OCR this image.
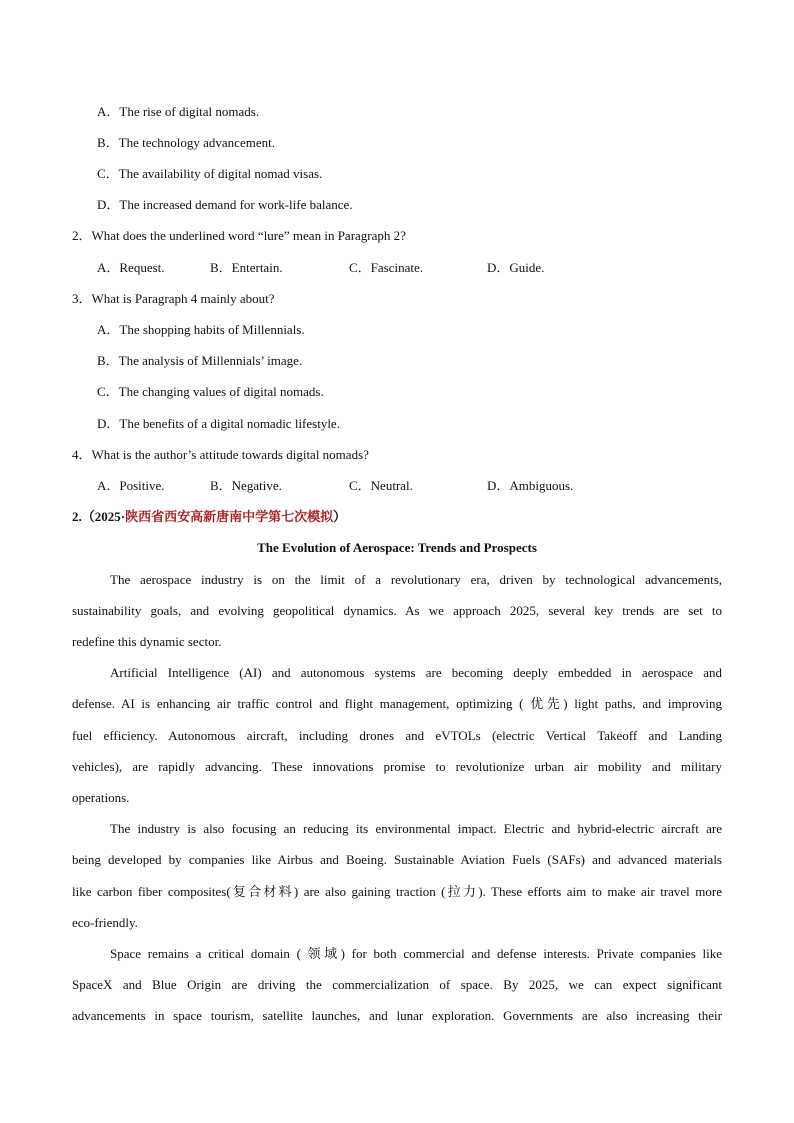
A．The rise of digital nomads.
B．The technology advancement.
C．The availability of digital nomad visas.
D．The increased demand for work-life balance.
2．What does the underlined word “lure” mean in Paragraph 2?
A．Request.	B．Entertain.	C．Fascinate.	D．Guide.
3．What is Paragraph 4 mainly about?
A．The shopping habits of Millennials.
B．The analysis of Millennials’ image.
C．The changing values of digital nomads.
D．The benefits of a digital nomadic lifestyle.
4．What is the author’s attitude towards digital nomads?
A．Positive.	B．Negative.	C．Neutral.	D．Ambiguous.
2.（2025·陕西省西安高新唐南中学第七次模拟）
The Evolution of Aerospace: Trends and Prospects
The aerospace industry is on the limit of a revolutionary era, driven by technological advancements,
sustainability goals, and evolving geopolitical dynamics. As we approach 2025, several key trends are set to
redefine this dynamic sector.
Artificial Intelligence (AI) and autonomous systems are becoming deeply embedded in aerospace and
defense. AI is enhancing air traffic control and flight management, optimizing ( 优先) light paths, and improving
fuel efficiency. Autonomous aircraft, including drones and eVTOLs (electric Vertical Takeoff and Landing
vehicles), are rapidly advancing. These innovations promise to revolutionize urban air mobility and military
operations.
The industry is also focusing an reducing its environmental impact. Electric and hybrid-electric aircraft are
being developed by companies like Airbus and Boeing. Sustainable Aviation Fuels (SAFs) and advanced materials
like carbon fiber composites(复合材料) are also gaining traction (拉力). These efforts aim to make air travel more
eco-friendly.
Space remains a critical domain ( 领域) for both commercial and defense interests. Private companies like
SpaceX and Blue Origin are driving the commercialization of space. By 2025, we can expect significant
advancements in space tourism, satellite launches, and lunar exploration. Governments are also increasing their
